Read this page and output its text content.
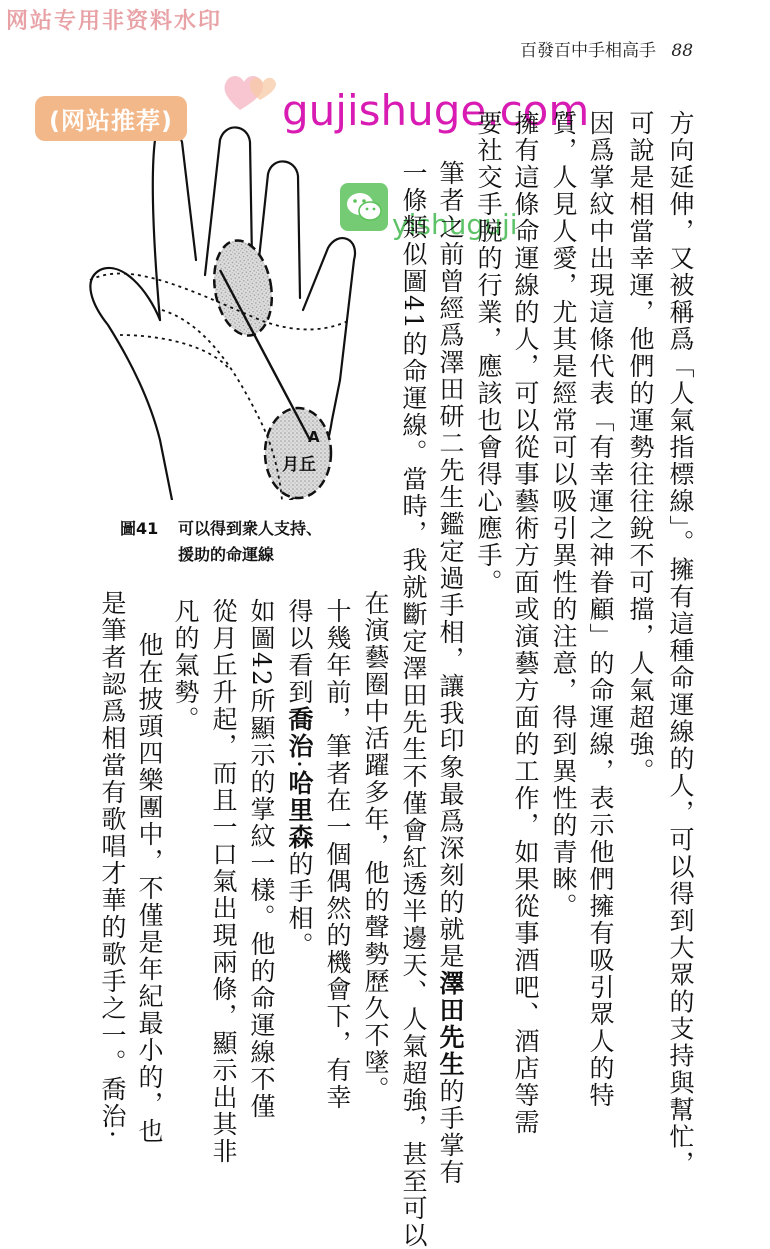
网站专用非资料水印
百發百中手相高手 88
A
月丘
圖41 可以得到衆人支持、
援助的命運線
(网站推荐)	gujishuge.com
yishuguji	方向延伸，又被稱爲「人氣指標線」。擁有這種命運線的人，可以得到大眾的支持與幫忙，
可說是相當幸運，他們的運勢往往銳不可擋，人氣超強。
因爲掌紋中出現這條代表「有幸運之神眷顧」的命運線，表示他們擁有吸引眾人的特
質，人見人愛，尤其是經常可以吸引異性的注意，得到異性的青睞。
擁有這條命運線的人，可以從事藝術方面或演藝方面的工作，如果從事酒吧、酒店等需
要社交手腕的行業，應該也會得心應手。
筆者之前曾經爲澤田研二先生鑑定過手相，讓我印象最爲深刻的就是澤田先生的手掌有
一條類似圖41的命運線。當時，我就斷定澤田先生不僅會紅透半邊天、人氣超強，甚至可以
在演藝圈中活躍多年，他的聲勢歷久不墜。
十幾年前，筆者在一個偶然的機會下，有幸
得以看到喬治·哈里森的手相。
如圖42所顯示的掌紋一樣。他的命運線不僅
從月丘升起，而且一口氣出現兩條，顯示出其非
凡的氣勢。
他在披頭四樂團中，不僅是年紀最小的，也
是筆者認爲相當有歌唱才華的歌手之一。喬治·
